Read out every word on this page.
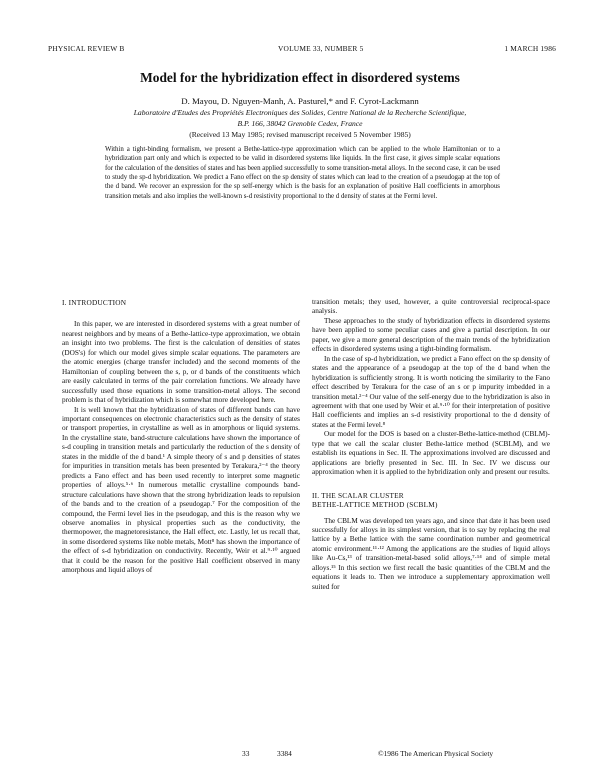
PHYSICAL REVIEW B	VOLUME 33, NUMBER 5	1 MARCH 1986
Model for the hybridization effect in disordered systems
D. Mayou, D. Nguyen-Manh, A. Pasturel,* and F. Cyrot-Lackmann
Laboratoire d'Etudes des Propriétés Electroniques des Solides, Centre National de la Recherche Scientifique,
B.P. 166, 38042 Grenoble Cedex, France
(Received 13 May 1985; revised manuscript received 5 November 1985)

Within a tight-binding formalism, we present a Bethe-lattice-type approximation which can be applied to the whole Hamiltonian or to a hybridization part only and which is expected to be valid in disordered systems like liquids. In the first case, it gives simple scalar equations for the calculation of the densities of states and has been applied successfully to some transition-metal alloys. In the second case, it can be used to study the sp-d hybridization. We predict a Fano effect on the sp density of states which can lead to the creation of a pseudogap at the top of the d band. We recover an expression for the sp self-energy which is the basis for an explanation of positive Hall coefficients in amorphous transition metals and also implies the well-known s-d resistivity proportional to the d density of states at the Fermi level.

I. INTRODUCTION

In this paper, we are interested in disordered systems with a great number of nearest neighbors and by means of a Bethe-lattice-type approximation, we obtain an insight into two problems. The first is the calculation of densities of states (DOS's) for which our model gives simple scalar equations. The parameters are the atomic energies (charge transfer included) and the second moments of the Hamiltonian of coupling between the s, p, or d bands of the constituents which are easily calculated in terms of the pair correlation functions. We already have successfully used those equations in some transition-metal alloys. The second problem is that of hybridization which is somewhat more developed here.

It is well known that the hybridization of states of different bands can have important consequences on electronic characteristics such as the density of states or transport properties, in crystalline as well as in amorphous or liquid systems. In the crystalline state, band-structure calculations have shown the importance of s-d coupling in transition metals and particularly the reduction of the s density of states in the middle of the d band.¹ A simple theory of s and p densities of states for impurities in transition metals has been presented by Terakura,²⁻⁴ the theory predicts a Fano effect and has been used recently to interpret some magnetic properties of alloys.⁵·⁶ In numerous metallic crystalline compounds band-structure calculations have shown that the strong hybridization leads to repulsion of the bands and to the creation of a pseudogap.⁷ For the composition of the compound, the Fermi level lies in the pseudogap, and this is the reason why we observe anomalies in physical properties such as the conductivity, the thermopower, the magnetoresistance, the Hall effect, etc. Lastly, let us recall that, in some disordered systems like noble metals, Mott⁸ has shown the importance of the effect of s-d hybridization on conductivity. Recently, Weir et al.⁹·¹⁰ argued that it could be the reason for the positive Hall coefficient observed in many amorphous and liquid alloys of

transition metals; they used, however, a quite controversial reciprocal-space analysis.

These approaches to the study of hybridization effects in disordered systems have been applied to some peculiar cases and give a partial description. In our paper, we give a more general description of the main trends of the hybridization effects in disordered systems using a tight-binding formalism.

In the case of sp-d hybridization, we predict a Fano effect on the sp density of states and the appearance of a pseudogap at the top of the d band when the hybridization is sufficiently strong. It is worth noticing the similarity to the Fano effect described by Terakura for the case of an s or p impurity imbedded in a transition metal.²⁻⁴ Our value of the self-energy due to the hybridization is also in agreement with that one used by Weir et al.⁹·¹⁰ for their interpretation of positive Hall coefficients and implies an s-d resistivity proportional to the d density of states at the Fermi level.⁸

Our model for the DOS is based on a cluster-Bethe-lattice-method (CBLM)-type that we call the scalar cluster Bethe-lattice method (SCBLM), and we establish its equations in Sec. II. The approximations involved are discussed and applications are briefly presented in Sec. III. In Sec. IV we discuss our approximation when it is applied to the hybridization only and present our results.

II. THE SCALAR CLUSTER

BETHE-LATTICE METHOD (SCBLM)

The CBLM was developed ten years ago, and since that date it has been used successfully for alloys in its simplest version, that is to say by replacing the real lattice by a Bethe lattice with the same coordination number and geometrical atomic environment.¹¹·¹² Among the applications are the studies of liquid alloys like Au-Cs,¹³ of transition-metal-based solid alloys,⁷·¹⁴ and of simple metal alloys.¹⁵ In this section we first recall the basic quantities of the CBLM and the equations it leads to. Then we introduce a supplementary approximation well suited for

33	3384	©1986 The American Physical Society
